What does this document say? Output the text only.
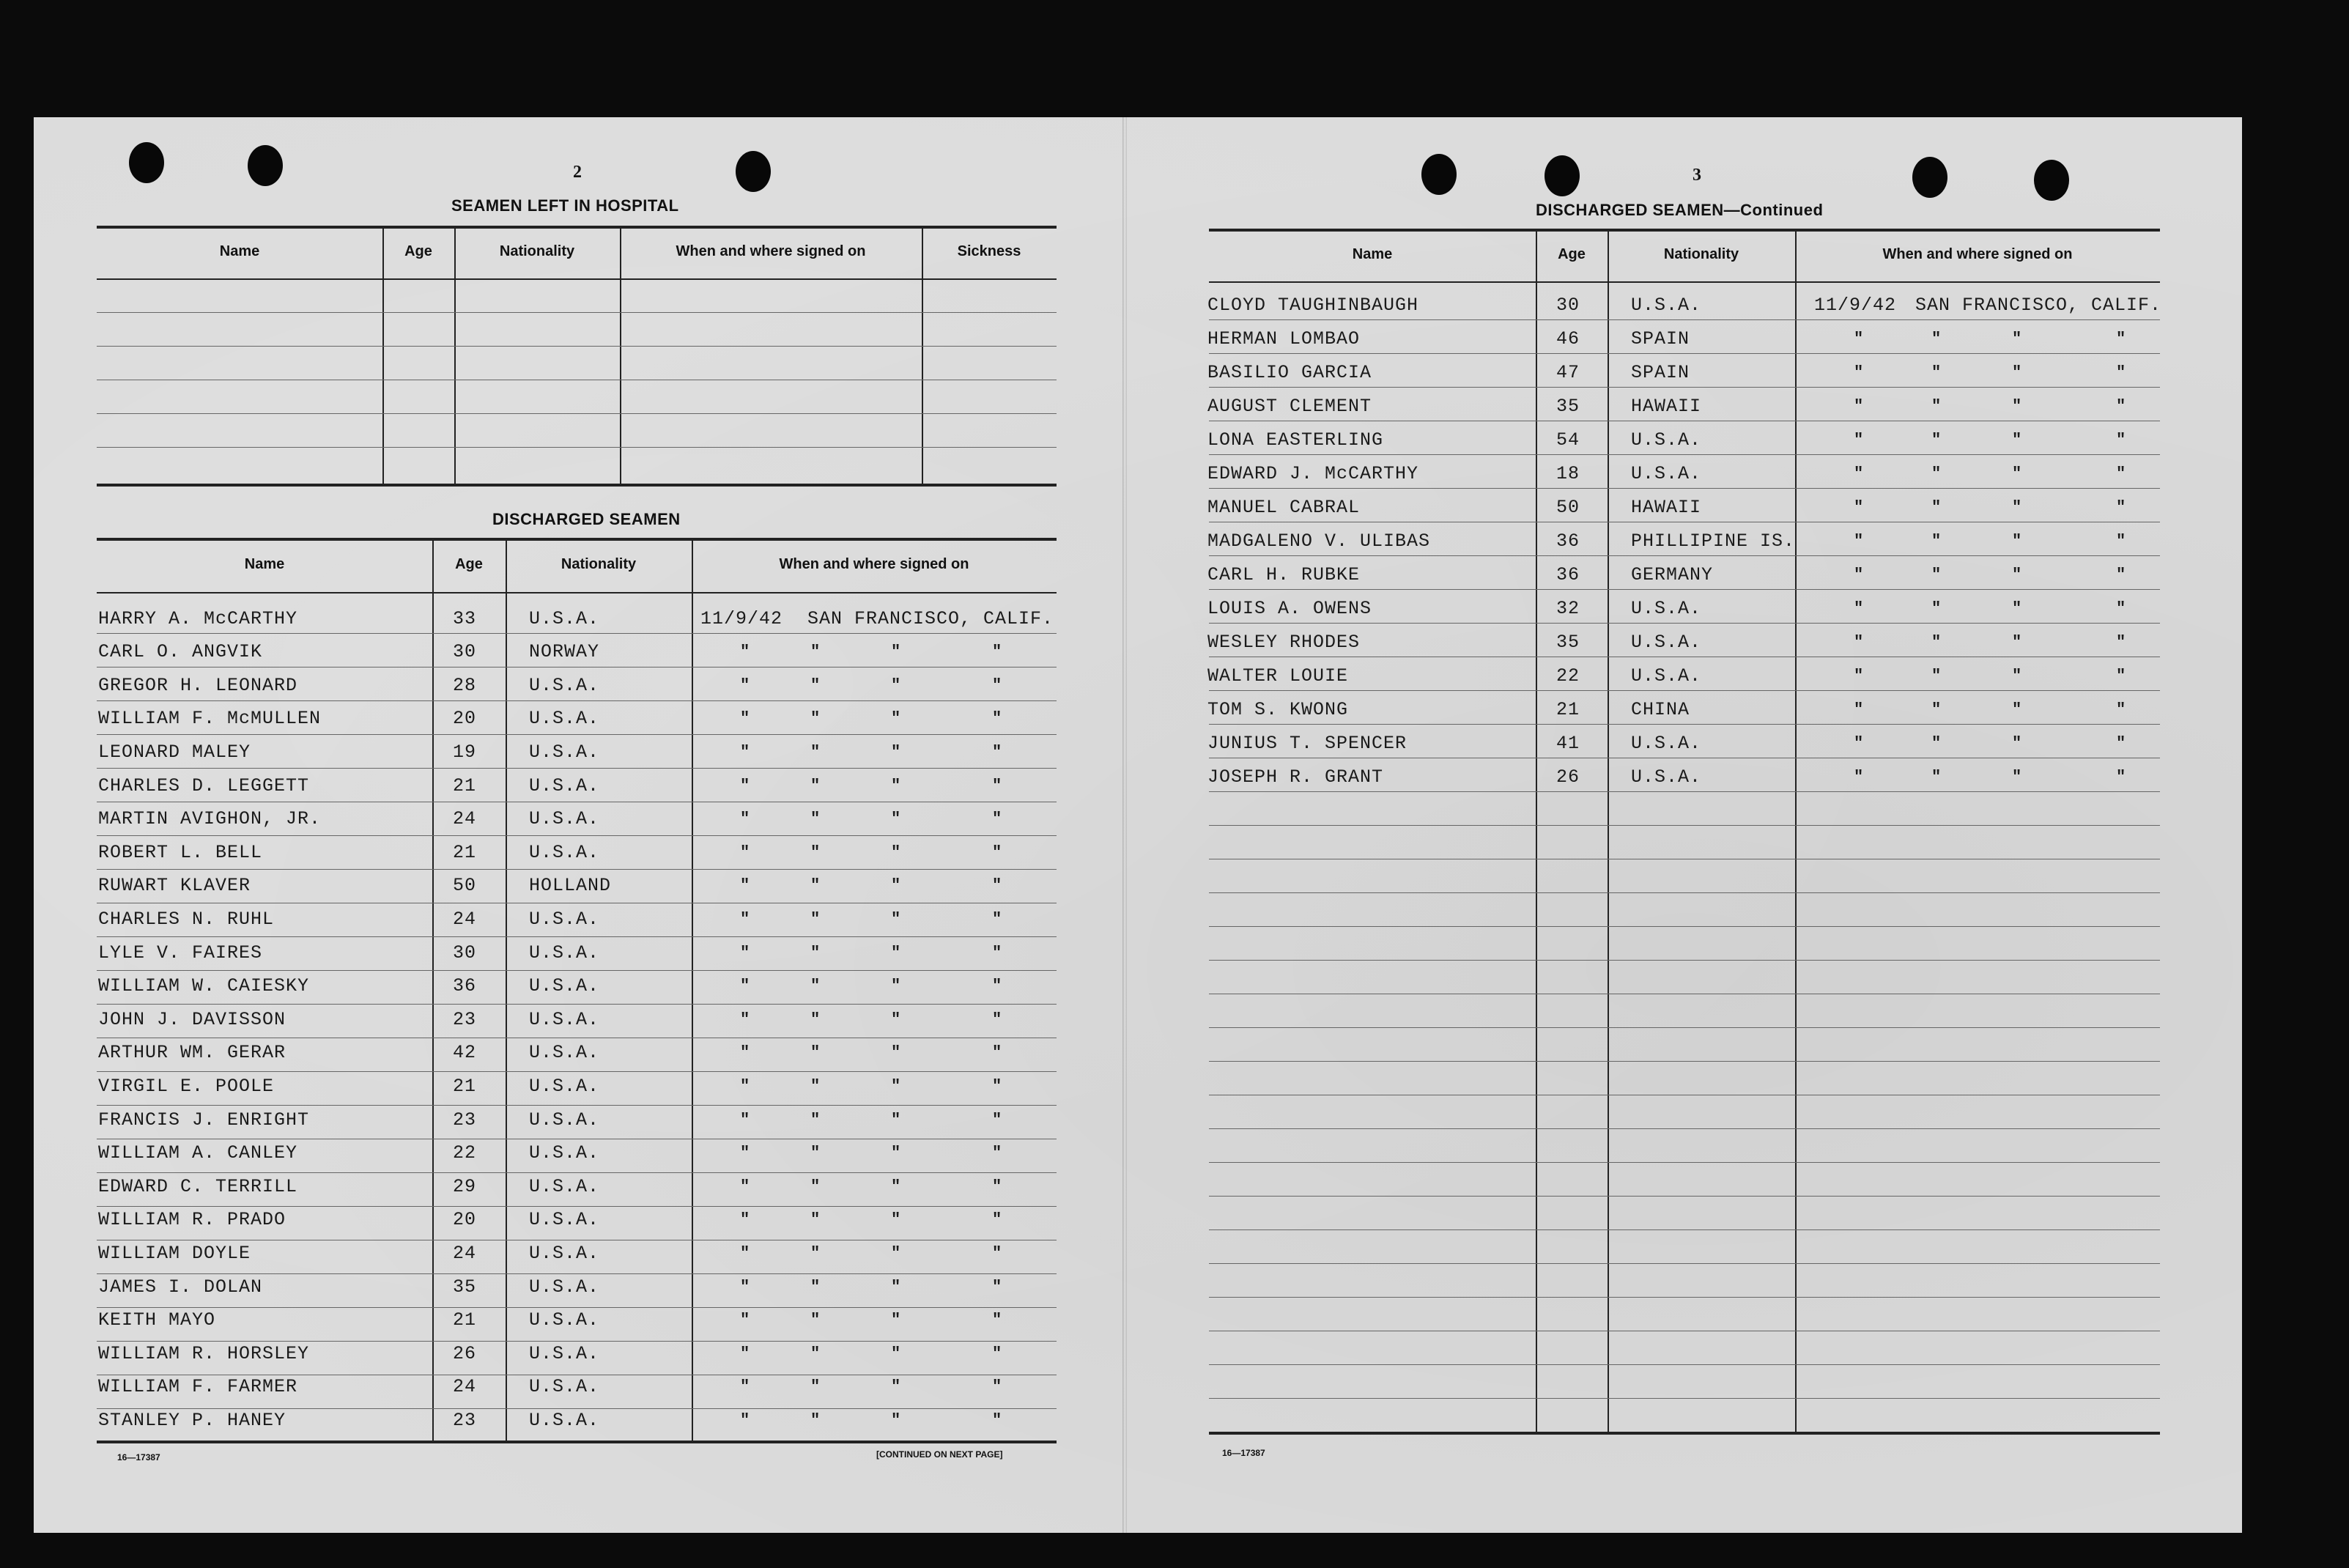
2
SEAMEN LEFT IN HOSPITAL
DISCHARGED SEAMEN
16—17387	[CONTINUED ON NEXT PAGE]
3
DISCHARGED SEAMEN—Continued
16—17387
Name	Age	Nationality	When and where signed on	Sickness
Name	Age	Nationality	When and where signed on
HARRY A. McCARTHY	33	U.S.A.	11/9/42 SAN FRANCISCO, CALIF.
CARL O. ANGVIK	30	NORWAY	"	"	"	"
GREGOR H. LEONARD	28	U.S.A.	"	"	"	"
WILLIAM F. McMULLEN	20	U.S.A.	"	"	"	"
LEONARD MALEY	19	U.S.A.	"	"	"	"
CHARLES D. LEGGETT	21	U.S.A.	"	"	"	"
MARTIN AVIGHON, JR.	24	U.S.A.	"	"	"	"
ROBERT L. BELL	21	U.S.A.	"	"	"	"
RUWART KLAVER	50	HOLLAND	"	"	"	"
CHARLES N. RUHL	24	U.S.A.	"	"	"	"
LYLE V. FAIRES	30	U.S.A.	"	"	"	"
WILLIAM W. CAIESKY	36	U.S.A.	"	"	"	"
JOHN J. DAVISSON	23	U.S.A.	"	"	"	"
ARTHUR WM. GERAR	42	U.S.A.	"	"	"	"
VIRGIL E. POOLE	21	U.S.A.	"	"	"	"
FRANCIS J. ENRIGHT	23	U.S.A.	"	"	"	"
WILLIAM A. CANLEY	22	U.S.A.	"	"	"	"
EDWARD C. TERRILL	29	U.S.A.	"	"	"	"
WILLIAM R. PRADO	20	U.S.A.	"	"	"	"
WILLIAM DOYLE	24	U.S.A.	"	"	"	"
JAMES I. DOLAN	35	U.S.A.	"	"	"	"
KEITH MAYO	21	U.S.A.	"	"	"	"
WILLIAM R. HORSLEY	26	U.S.A.	"	"	"	"
WILLIAM F. FARMER	24	U.S.A.	"	"	"	"
STANLEY P. HANEY	23	U.S.A.	"	"	"	"
Name	Age	Nationality	When and where signed on
CLOYD TAUGHINBAUGH	30	U.S.A.	11/9/42 SAN FRANCISCO, CALIF.
HERMAN LOMBAO	46	SPAIN	"	"	"	"
BASILIO GARCIA	47	SPAIN	"	"	"	"
AUGUST CLEMENT	35	HAWAII	"	"	"	"
LONA EASTERLING	54	U.S.A.	"	"	"	"
EDWARD J. McCARTHY	18	U.S.A.	"	"	"	"
MANUEL CABRAL	50	HAWAII	"	"	"	"
MADGALENO V. ULIBAS	36	PHILLIPINE IS.	"	"	"	"
CARL H. RUBKE	36	GERMANY	"	"	"	"
LOUIS A. OWENS	32	U.S.A.	"	"	"	"
WESLEY RHODES	35	U.S.A.	"	"	"	"
WALTER LOUIE	22	U.S.A.	"	"	"	"
TOM S. KWONG	21	CHINA	"	"	"	"
JUNIUS T. SPENCER	41	U.S.A.	"	"	"	"
JOSEPH R. GRANT	26	U.S.A.	"	"	"	"
